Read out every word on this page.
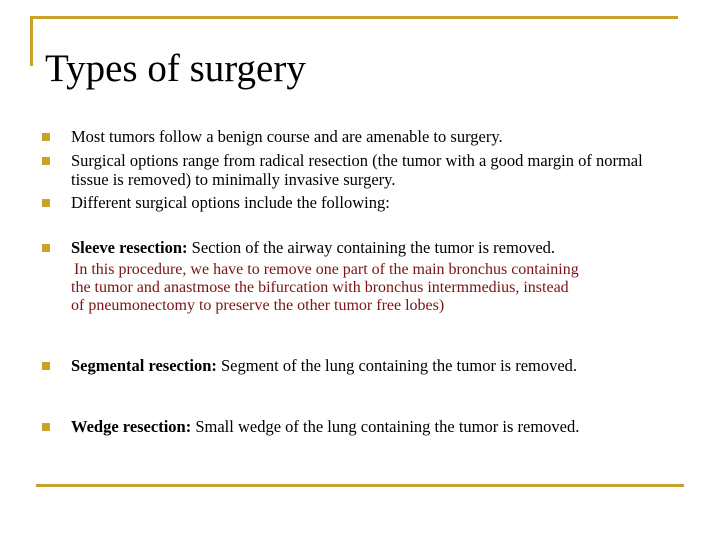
Types of surgery
Most tumors follow a benign course and are amenable to surgery.
Surgical options range from radical resection (the tumor with a good margin of normal tissue is removed) to minimally invasive surgery.
Different surgical options include the following:
Sleeve resection: Section of the airway containing the tumor is removed.
In this procedure, we have to remove one part of the main bronchus containing
the tumor and anastmose the bifurcation with bronchus intermmedius, instead
of pneumonectomy to preserve the other tumor free lobes)
Segmental resection: Segment of the lung containing the tumor is removed.
Wedge resection: Small wedge of the lung containing the tumor is removed.
